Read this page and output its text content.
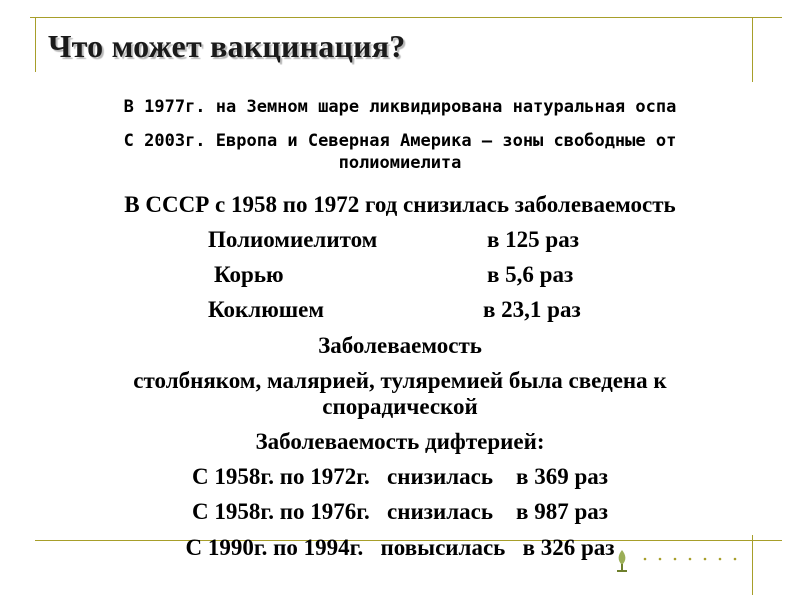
Что может вакцинация?
В 1977г. на Земном шаре ликвидирована натуральная оспа
С 2003г. Европа и Северная Америка – зоны свободные от
полиомиелита
В СССР с 1958 по 1972 год снизилась заболеваемость
Полиомиелитом	в 125 раз
Корью	в 5,6 раз
Коклюшем	в 23,1 раз
Заболеваемость
столбняком, малярией, туляремией была сведена к
спорадической
Заболеваемость дифтерией:
С 1958г. по 1972г.   снизилась    в 369 раз
С 1958г. по 1976г.   снизилась    в 987 раз
С 1990г. по 1994г.   повысилась   в 326 раз
